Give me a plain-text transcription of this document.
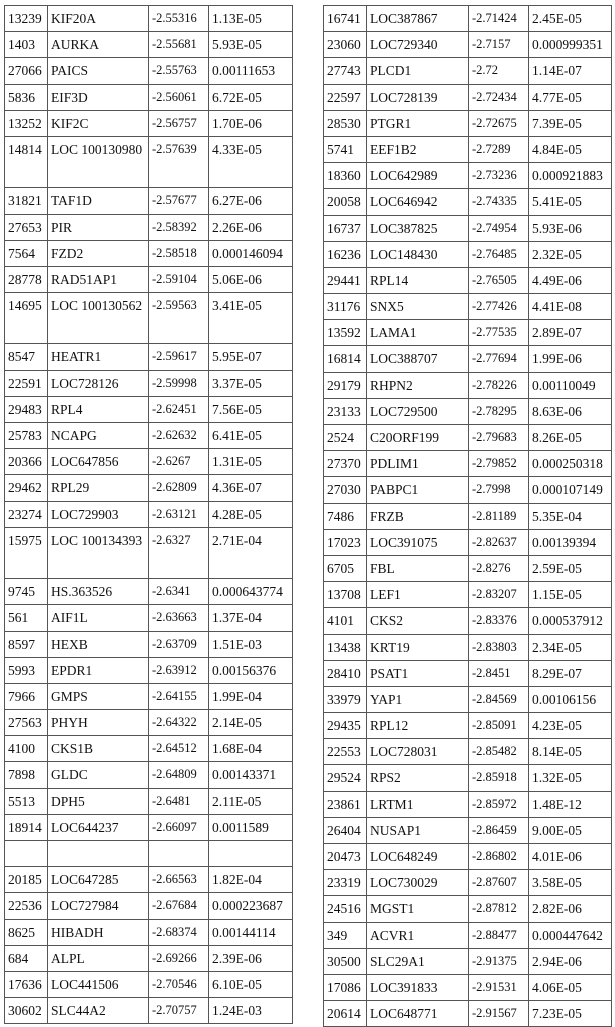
13239	KIF20A	-2.55316	1.13E-05
1403	AURKA	-2.55681	5.93E-05
27066	PAICS	-2.55763	0.00111653
5836	EIF3D	-2.56061	6.72E-05
13252	KIF2C	-2.56757	1.70E-06
14814	LOC 100130980	-2.57639	4.33E-05
31821	TAF1D	-2.57677	6.27E-06
27653	PIR	-2.58392	2.26E-06
7564	FZD2	-2.58518	0.000146094
28778	RAD51AP1	-2.59104	5.06E-06
14695	LOC 100130562	-2.59563	3.41E-05
8547	HEATR1	-2.59617	5.95E-07
22591	LOC728126	-2.59998	3.37E-05
29483	RPL4	-2.62451	7.56E-05
25783	NCAPG	-2.62632	6.41E-05
20366	LOC647856	-2.6267	1.31E-05
29462	RPL29	-2.62809	4.36E-07
23274	LOC729903	-2.63121	4.28E-05
15975	LOC 100134393	-2.6327	2.71E-04
9745	HS.363526	-2.6341	0.000643774
561	AIF1L	-2.63663	1.37E-04
8597	HEXB	-2.63709	1.51E-03
5993	EPDR1	-2.63912	0.00156376
7966	GMPS	-2.64155	1.99E-04
27563	PHYH	-2.64322	2.14E-05
4100	CKS1B	-2.64512	1.68E-04
7898	GLDC	-2.64809	0.00143371
5513	DPH5	-2.6481	2.11E-05
18914	LOC644237	-2.66097	0.0011589

20185	LOC647285	-2.66563	1.82E-04
22536	LOC727984	-2.67684	0.000223687
8625	HIBADH	-2.68374	0.00144114
684	ALPL	-2.69266	2.39E-06
17636	LOC441506	-2.70546	6.10E-05
30602	SLC44A2	-2.70757	1.24E-03
16741	LOC387867	-2.71424	2.45E-05
23060	LOC729340	-2.7157	0.000999351
27743	PLCD1	-2.72	1.14E-07
22597	LOC728139	-2.72434	4.77E-05
28530	PTGR1	-2.72675	7.39E-05
5741	EEF1B2	-2.7289	4.84E-05
18360	LOC642989	-2.73236	0.000921883
20058	LOC646942	-2.74335	5.41E-05
16737	LOC387825	-2.74954	5.93E-06
16236	LOC148430	-2.76485	2.32E-05
29441	RPL14	-2.76505	4.49E-06
31176	SNX5	-2.77426	4.41E-08
13592	LAMA1	-2.77535	2.89E-07
16814	LOC388707	-2.77694	1.99E-06
29179	RHPN2	-2.78226	0.00110049
23133	LOC729500	-2.78295	8.63E-06
2524	C20ORF199	-2.79683	8.26E-05
27370	PDLIM1	-2.79852	0.000250318
27030	PABPC1	-2.7998	0.000107149
7486	FRZB	-2.81189	5.35E-04
17023	LOC391075	-2.82637	0.00139394
6705	FBL	-2.8276	2.59E-05
13708	LEF1	-2.83207	1.15E-05
4101	CKS2	-2.83376	0.000537912
13438	KRT19	-2.83803	2.34E-05
28410	PSAT1	-2.8451	8.29E-07
33979	YAP1	-2.84569	0.00106156
29435	RPL12	-2.85091	4.23E-05
22553	LOC728031	-2.85482	8.14E-05
29524	RPS2	-2.85918	1.32E-05
23861	LRTM1	-2.85972	1.48E-12
26404	NUSAP1	-2.86459	9.00E-05
20473	LOC648249	-2.86802	4.01E-06
23319	LOC730029	-2.87607	3.58E-05
24516	MGST1	-2.87812	2.82E-06
349	ACVR1	-2.88477	0.000447642
30500	SLC29A1	-2.91375	2.94E-06
17086	LOC391833	-2.91531	4.06E-05
20614	LOC648771	-2.91567	7.23E-05
